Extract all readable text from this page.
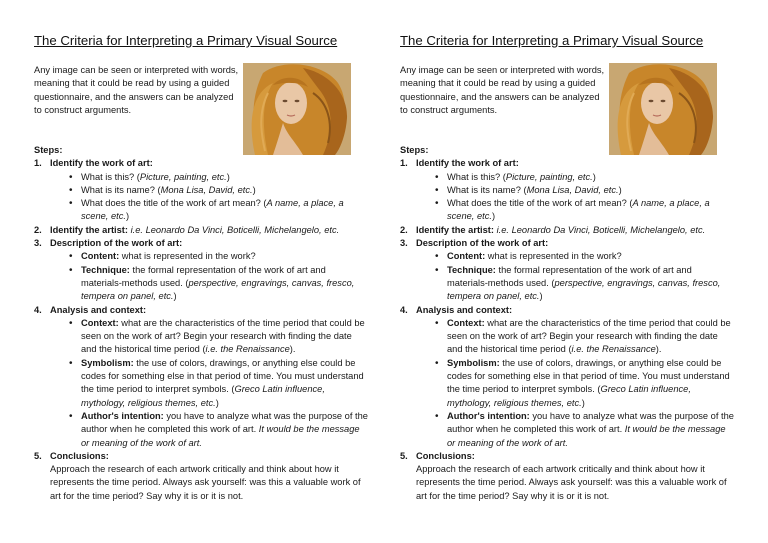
The Criteria for Interpreting a Primary Visual Source
Any image can be seen or interpreted with words, meaning that it could be read by using a guided questionnaire, and the answers can be analyzed to construct arguments.
Steps:
1. Identify the work of art:
• What is this? (Picture, painting, etc.)
• What is its name? (Mona Lisa, David, etc.)
• What does the title of the work of art mean? (A name, a place, a scene, etc.)
2. Identify the artist: i.e. Leonardo Da Vinci, Boticelli, Michelangelo, etc.
3. Description of the work of art:
• Content: what is represented in the work?
• Technique: the formal representation of the work of art and materials-methods used. (perspective, engravings, canvas, fresco, tempera on panel, etc.)
4. Analysis and context:
• Context: what are the characteristics of the time period that could be seen on the work of art? Begin your research with finding the date and the historical time period (i.e. the Renaissance).
• Symbolism: the use of colors, drawings, or anything else could be codes for something else in that period of time. You must understand the time period to interpret symbols. (Greco Latin influence, mythology, religious themes, etc.)
• Author's intention: you have to analyze what was the purpose of the author when he completed this work of art. It would be the message or meaning of the work of art.
5. Conclusions:
Approach the research of each artwork critically and think about how it represents the time period. Always ask yourself: was this a valuable work of art for the time period? Say why it is or it is not.
The Criteria for Interpreting a Primary Visual Source
Any image can be seen or interpreted with words, meaning that it could be read by using a guided questionnaire, and the answers can be analyzed to construct arguments.
Steps:
1. Identify the work of art:
• What is this? (Picture, painting, etc.)
• What is its name? (Mona Lisa, David, etc.)
• What does the title of the work of art mean? (A name, a place, a scene, etc.)
2. Identify the artist: i.e. Leonardo Da Vinci, Boticelli, Michelangelo, etc.
3. Description of the work of art:
• Content: what is represented in the work?
• Technique: the formal representation of the work of art and materials-methods used. (perspective, engravings, canvas, fresco, tempera on panel, etc.)
4. Analysis and context:
• Context: what are the characteristics of the time period that could be seen on the work of art? Begin your research with finding the date and the historical time period (i.e. the Renaissance).
• Symbolism: the use of colors, drawings, or anything else could be codes for something else in that period of time. You must understand the time period to interpret symbols. (Greco Latin influence, mythology, religious themes, etc.)
• Author's intention: you have to analyze what was the purpose of the author when he completed this work of art. It would be the message or meaning of the work of art.
5. Conclusions:
Approach the research of each artwork critically and think about how it represents the time period. Always ask yourself: was this a valuable work of art for the time period? Say why it is or it is not.
